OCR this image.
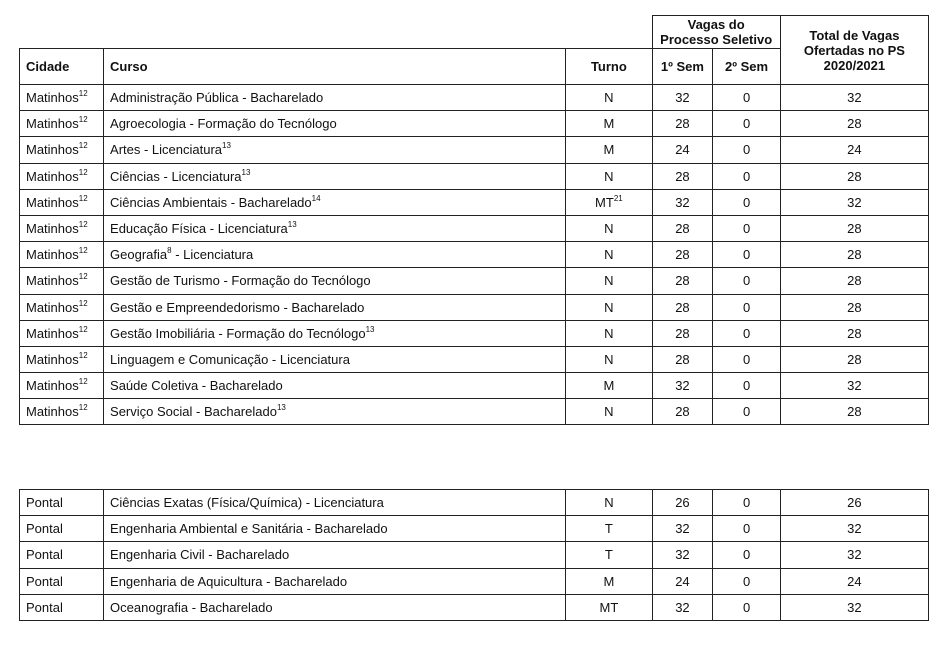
			Vagas do Processo Seletivo		Total de Vagas Ofertadas no PS 2020/2021
Cidade	Curso	Turno	1º Sem	2º Sem	
Matinhos$^{12}$	Administração Pública - Bacharelado	N	32	0	32
Matinhos$^{12}$	Agroecologia - Formação do Tecnólogo	M	28	0	28
Matinhos$^{12}$	Artes - Licenciatura$^{13}$	M	24	0	24
Matinhos$^{12}$	Ciências - Licenciatura$^{13}$	N	28	0	28
Matinhos$^{12}$	Ciências Ambientais - Bacharelado$^{14}$	MT$^{21}$	32	0	32
Matinhos$^{12}$	Educação Física - Licenciatura$^{13}$	N	28	0	28
Matinhos$^{12}$	Geografia$^8$ - Licenciatura	N	28	0	28
Matinhos$^{12}$	Gestão de Turismo - Formação do Tecnólogo	N	28	0	28
Matinhos$^{12}$	Gestão e Empreendedorismo - Bacharelado	N	28	0	28
Matinhos$^{12}$	Gestão Imobiliária - Formação do Tecnólogo$^{13}$	N	28	0	28
Matinhos$^{12}$	Linguagem e Comunicação - Licenciatura	N	28	0	28
Matinhos$^{12}$	Saúde Coletiva - Bacharelado	M	32	0	32
Matinhos$^{12}$	Serviço Social - Bacharelado$^{13}$	N	28	0	28
Pontal	Ciências Exatas (Física/Química) - Licenciatura	N	26	0	26
Pontal	Engenharia Ambiental e Sanitária - Bacharelado	T	32	0	32
Pontal	Engenharia Civil - Bacharelado	T	32	0	32
Pontal	Engenharia de Aquicultura - Bacharelado	M	24	0	24
Pontal	Oceanografia - Bacharelado	MT	32	0	32
